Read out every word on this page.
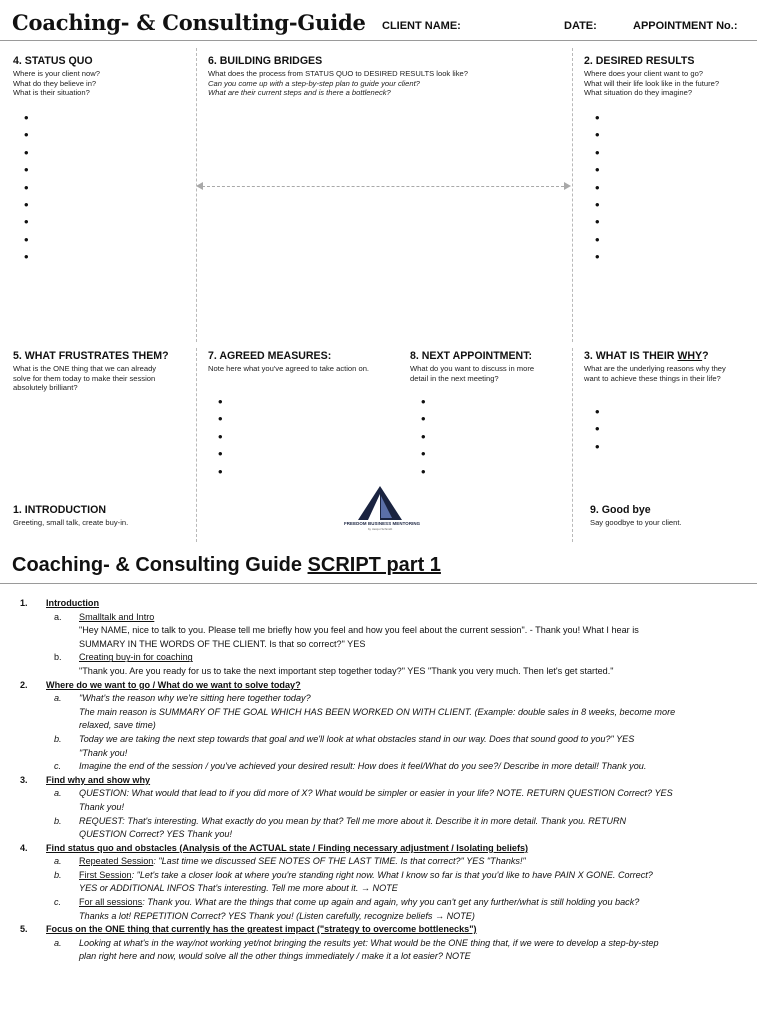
Coaching- & Consulting-Guide CLIENT NAME:	DATE:	APPOINTMENT No.:
4. STATUS QUO
Where is your client now?
What do they believe in?
What is their situation?
•
•
•
•
•
•
•
•
•
6. BUILDING BRIDGES
What does the process from STATUS QUO to DESIRED RESULTS look like?
Can you come up with a step-by-step plan to guide your client?
What are their current steps and is there a bottleneck?
2. DESIRED RESULTS
Where does your client want to go?
What will their life look like in the future?
What situation do they imagine?
•
•
•
•
•
•
•
•
•
5. WHAT FRUSTRATES THEM?
What is the ONE thing that we can already
solve for them today to make their session
absolutely brilliant?
7. AGREED MEASURES:
Note here what you've agreed to take action on.
•
•
•
•
•
8. NEXT APPOINTMENT:
What do you want to discuss in more
detail in the next meeting?
•
•
•
•
•
3. WHAT IS THEIR WHY?
What are the underlying reasons why they
want to achieve these things in their life?
•
•
•
1. INTRODUCTION
Greeting, small talk, create buy-in.	FREEDOM BUSINESS MENTORING
by Jacqui Schmidt
9. Good bye
Say goodbye to your client.
Coaching- & Consulting Guide SCRIPT part 1
1.	Introduction
a. Smalltalk and Intro
"Hey NAME, nice to talk to you. Please tell me briefly how you feel and how you feel about the current session". - Thank you! What I hear is
SUMMARY IN THE WORDS OF THE CLIENT. Is that so correct?" YES
b. Creating buy-in for coaching
"Thank you. Are you ready for us to take the next important step together today?" YES "Thank you very much. Then let's get started."
2.	Where do we want to go / What do we want to solve today?
a. "What's the reason why we're sitting here together today?
The main reason is SUMMARY OF THE GOAL WHICH HAS BEEN WORKED ON WITH CLIENT. (Example: double sales in 8 weeks, become more
relaxed, save time)
b. Today we are taking the next step towards that goal and we'll look at what obstacles stand in our way. Does that sound good to you?" YES
"Thank you!
c. Imagine the end of the session / you've achieved your desired result: How does it feel/What do you see?/ Describe in more detail! Thank you.
3.	Find why and show why
a. QUESTION: What would that lead to if you did more of X? What would be simpler or easier in your life? NOTE. RETURN QUESTION Correct? YES
Thank you!
b. REQUEST: That's interesting. What exactly do you mean by that? Tell me more about it. Describe it in more detail. Thank you. RETURN
QUESTION Correct? YES Thank you!
4.	Find status quo and obstacles (Analysis of the ACTUAL state / Finding necessary adjustment / Isolating beliefs)
a. Repeated Session: "Last time we discussed SEE NOTES OF THE LAST TIME. Is that correct?" YES "Thanks!"
b. First Session: "Let's take a closer look at where you're standing right now. What I know so far is that you'd like to have PAIN X GONE. Correct?
YES or ADDITIONAL INFOS That's interesting. Tell me more about it. → NOTE
c. For all sessions: Thank you. What are the things that come up again and again, why you can't get any further/what is still holding you back?
Thanks a lot! REPETITION Correct? YES Thank you! (Listen carefully, recognize beliefs → NOTE)
5.	Focus on the ONE thing that currently has the greatest impact ("strategy to overcome bottlenecks")
a. Looking at what's in the way/not working yet/not bringing the results yet: What would be the ONE thing that, if we were to develop a step-by-step
plan right here and now, would solve all the other things immediately / make it a lot easier? NOTE
